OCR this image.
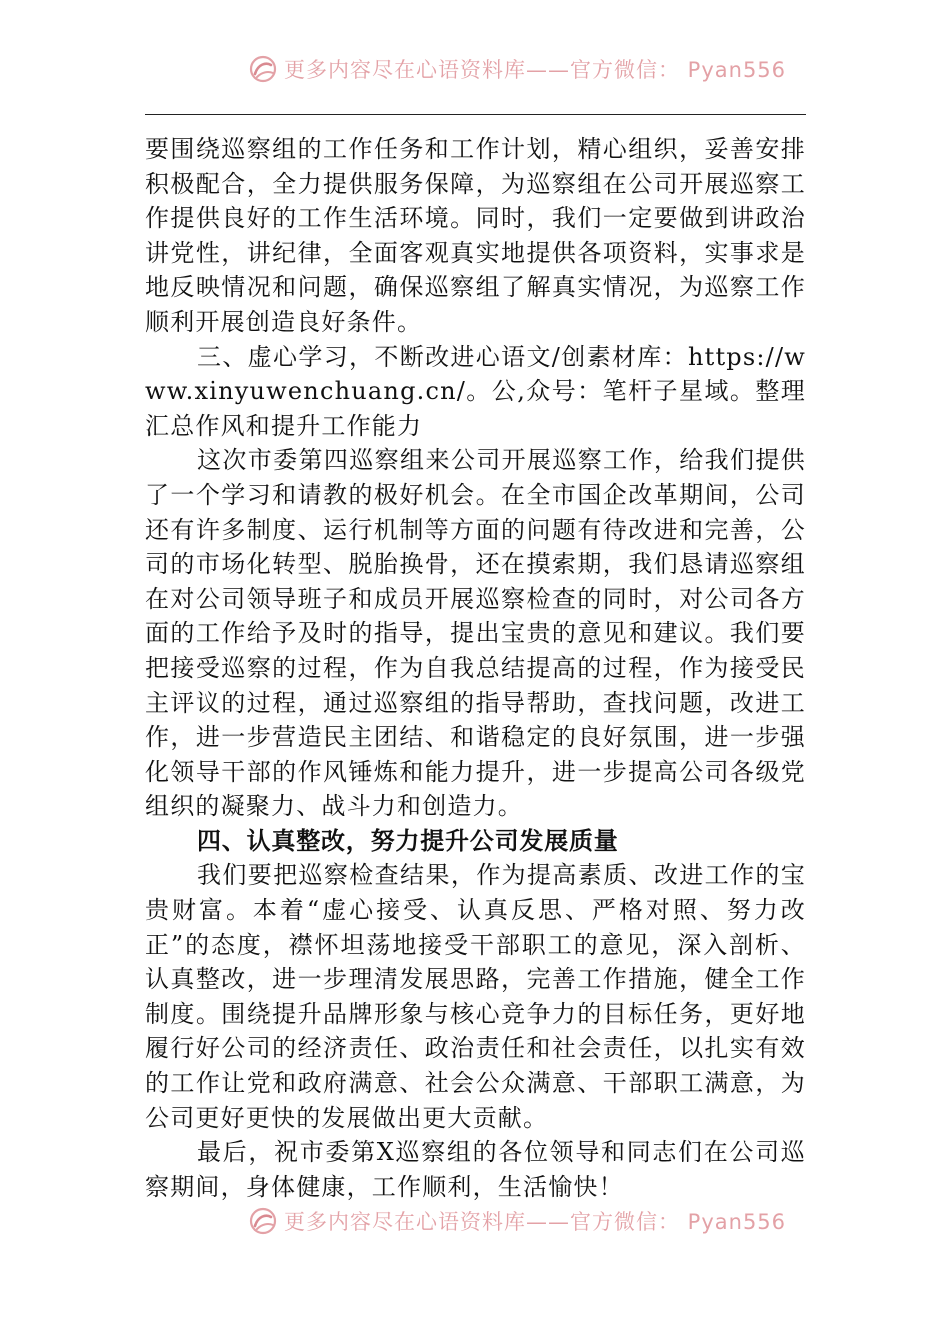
更多内容尽在心语资料库——官方微信： Pyan556

要围绕巡察组的工作任务和工作计划，精心组织，妥善安排积极配合，全力提供服务保障，为巡察组在公司开展巡察工作提供良好的工作生活环境。同时，我们一定要做到讲政治讲党性，讲纪律，全面客观真实地提供各项资料，实事求是地反映情况和问题，确保巡察组了解真实情况，为巡察工作顺利开展创造良好条件。

三、虚心学习，不断改进心语文/创素材库：https://www.xinyuwenchuang.cn/。公,众号：笔杆子星域。整理汇总作风和提升工作能力

这次市委第四巡察组来公司开展巡察工作，给我们提供了一个学习和请教的极好机会。在全市国企改革期间，公司还有许多制度、运行机制等方面的问题有待改进和完善，公司的市场化转型、脱胎换骨，还在摸索期，我们恳请巡察组在对公司领导班子和成员开展巡察检查的同时，对公司各方面的工作给予及时的指导，提出宝贵的意见和建议。我们要把接受巡察的过程，作为自我总结提高的过程，作为接受民主评议的过程，通过巡察组的指导帮助，查找问题，改进工作，进一步营造民主团结、和谐稳定的良好氛围，进一步强化领导干部的作风锤炼和能力提升，进一步提高公司各级党组织的凝聚力、战斗力和创造力。

四、认真整改，努力提升公司发展质量

我们要把巡察检查结果，作为提高素质、改进工作的宝贵财富。本着“虚心接受、认真反思、严格对照、努力改正”的态度，襟怀坦荡地接受干部职工的意见，深入剖析、认真整改，进一步理清发展思路，完善工作措施，健全工作制度。围绕提升品牌形象与核心竞争力的目标任务，更好地履行好公司的经济责任、政治责任和社会责任，以扎实有效的工作让党和政府满意、社会公众满意、干部职工满意，为公司更好更快的发展做出更大贡献。

最后，祝市委第X巡察组的各位领导和同志们在公司巡察期间，身体健康，工作顺利，生活愉快！

更多内容尽在心语资料库——官方微信： Pyan556
